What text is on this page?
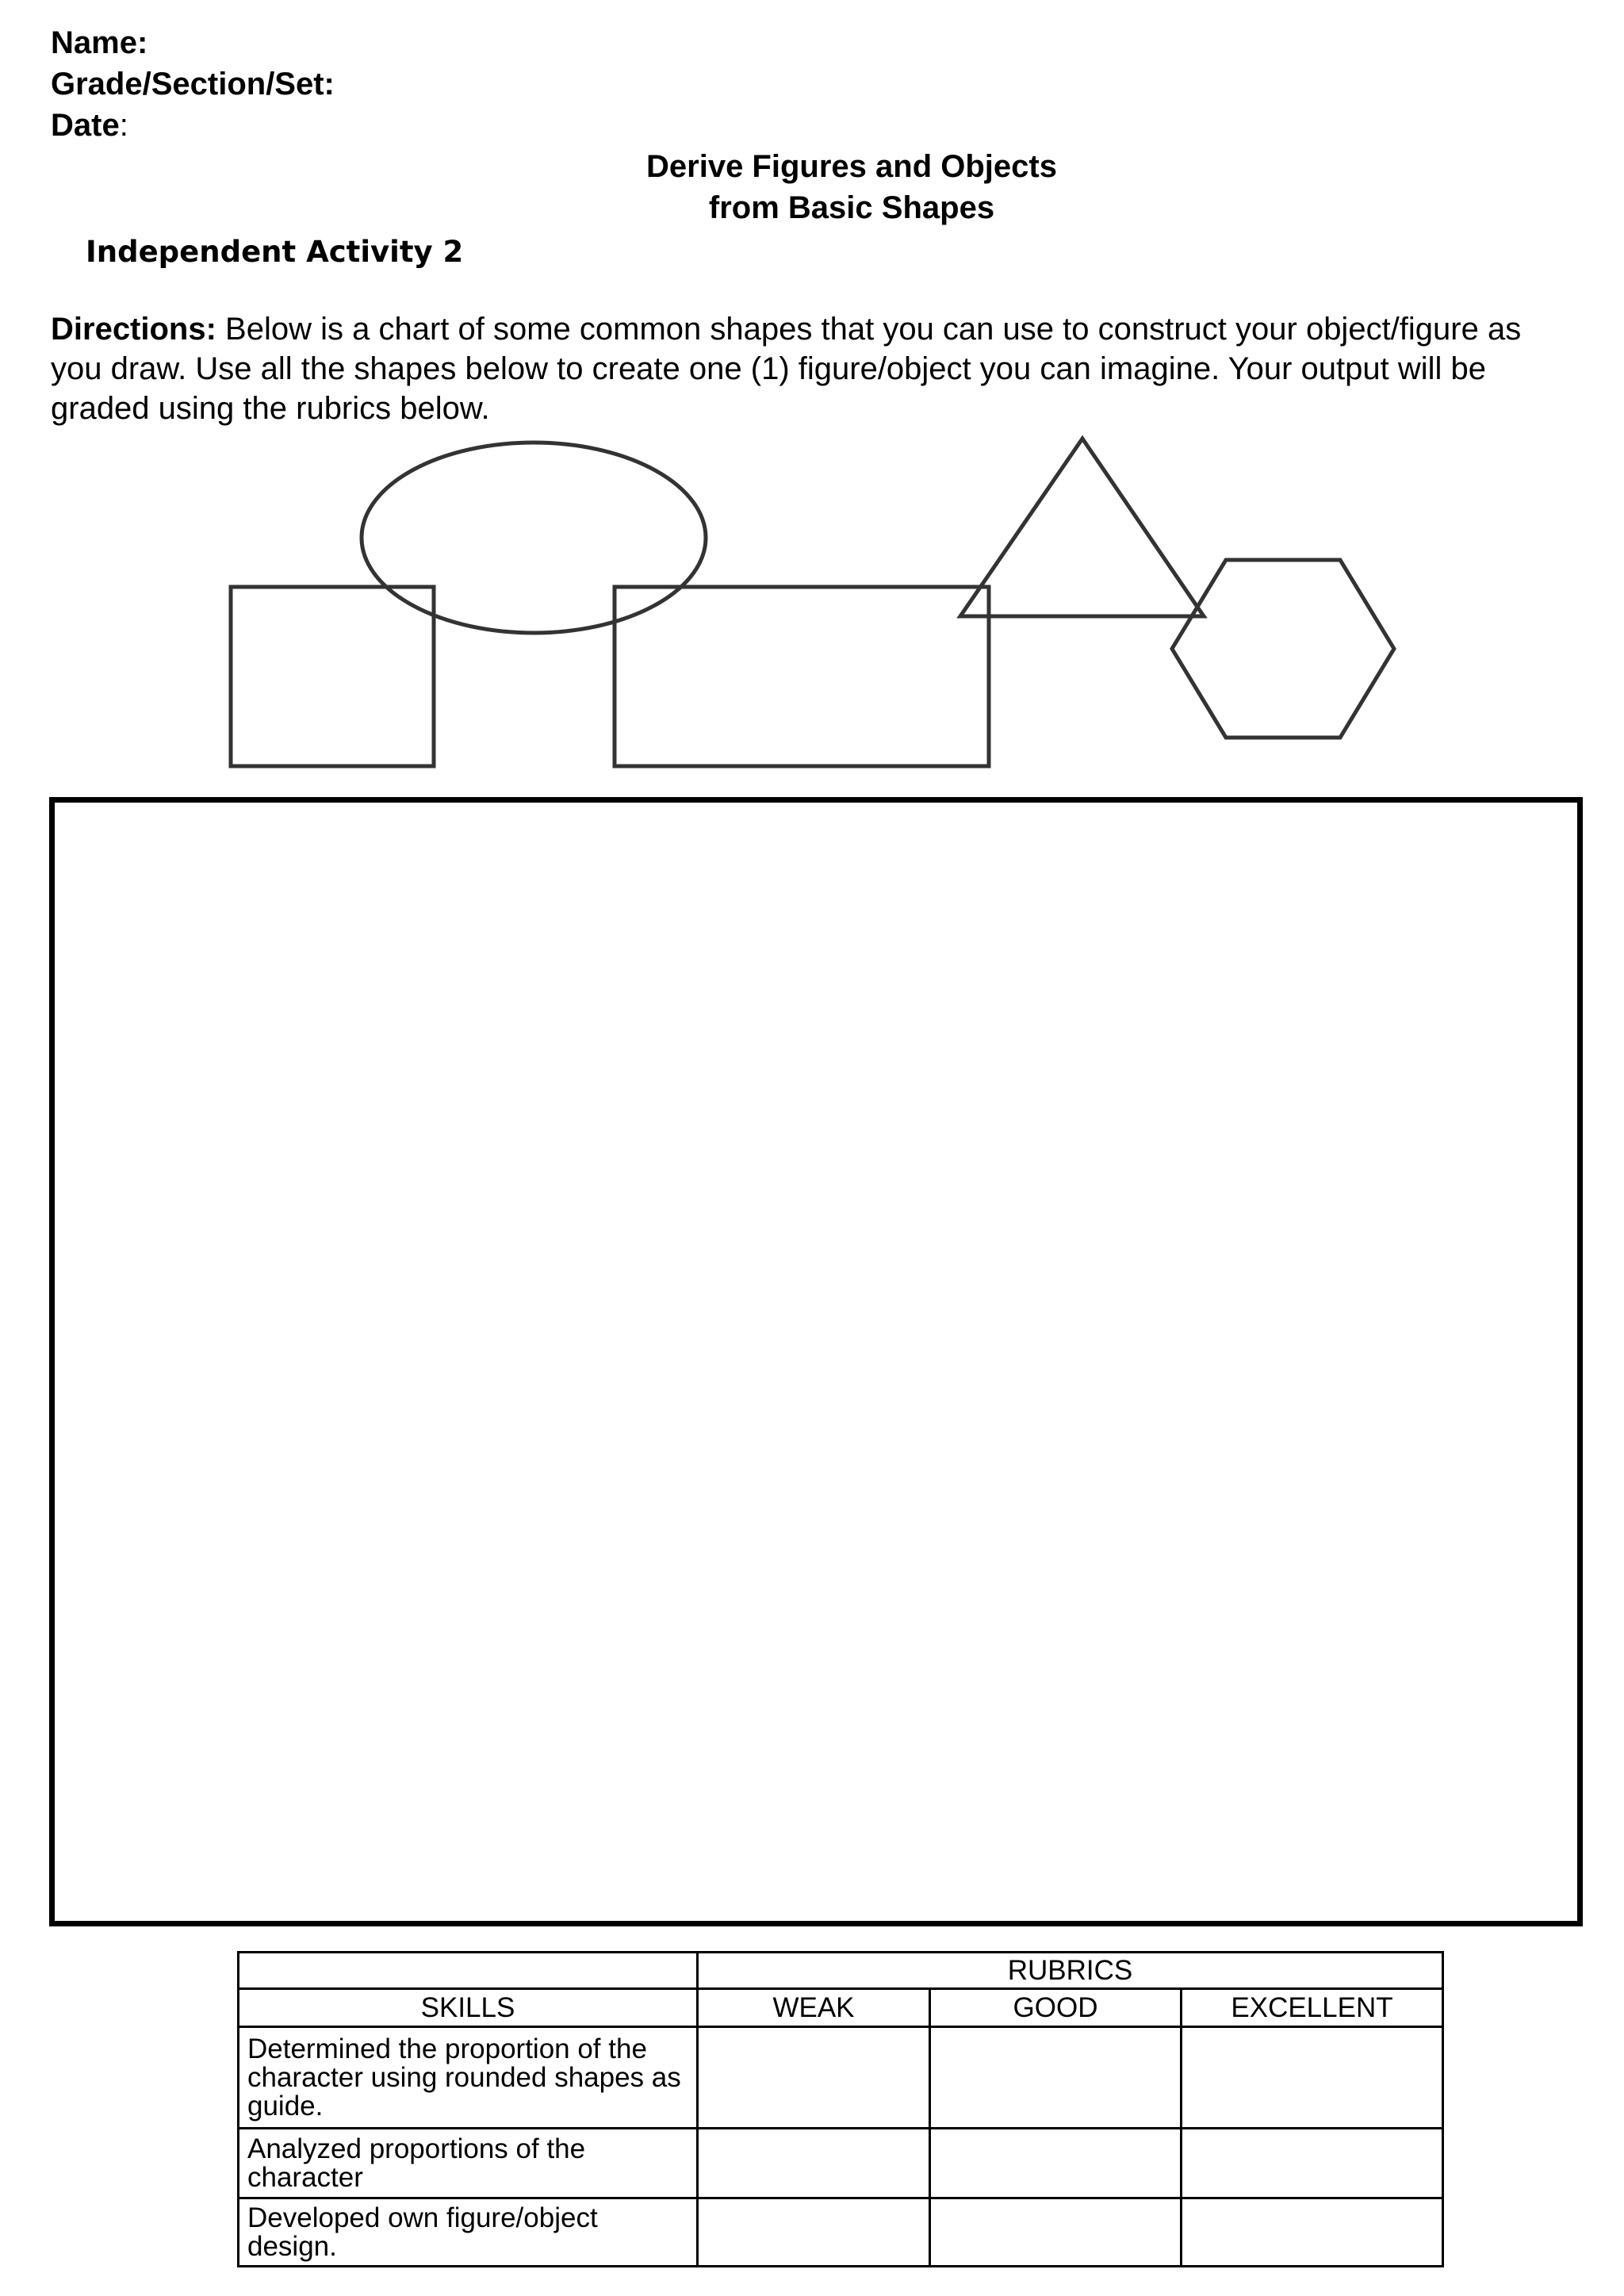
Name:
Grade/Section/Set:
Date:
Derive Figures and Objects
from Basic Shapes
Independent Activity 2
Directions: Below is a chart of some common shapes that you can use to construct your object/figure as you draw. Use all the shapes below to create one (1) figure/object you can imagine. Your output will be graded using the rubrics below.
	RUBRICS		
SKILLS	WEAK	GOOD	EXCELLENT
Determined the proportion of the character using rounded shapes as guide.			
Analyzed proportions of the character			
Developed own figure/object design.			
